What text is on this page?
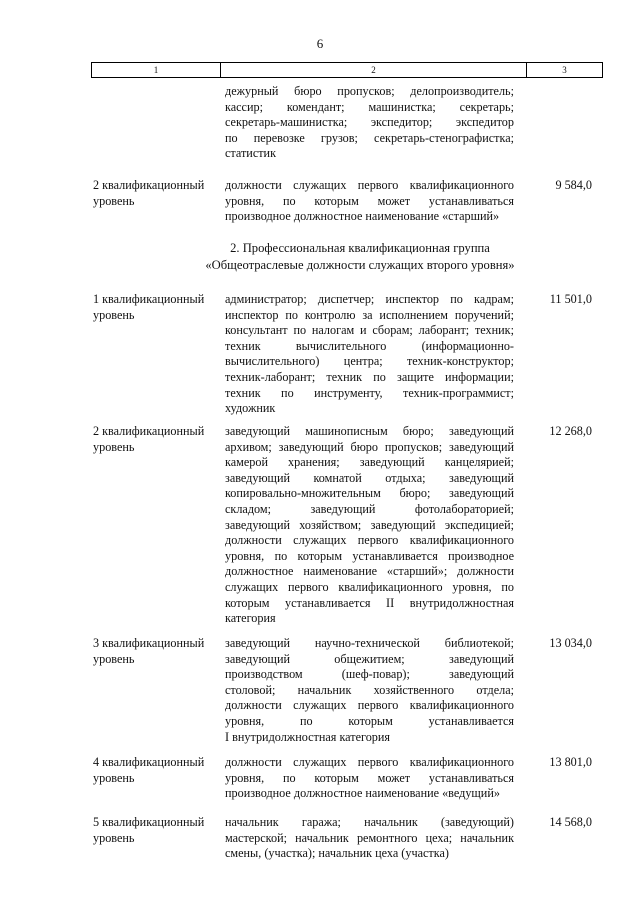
6
1	2	3
дежурный бюро пропусков; делопроизводитель;
кассир; комендант; машинистка; секретарь;
секретарь-машинистка; экспедитор; экспедитор
по перевозке грузов; секретарь-стенографистка;
статистик
2 квалификационный уровень
должности служащих первого квалификационного
уровня, по которым может устанавливаться
производное должностное наименование «старший»
9 584,0
2. Профессиональная квалификационная группа
«Общеотраслевые должности служащих второго уровня»
1 квалификационный уровень
администратор; диспетчер; инспектор по кадрам;
инспектор по контролю за исполнением поручений;
консультант по налогам и сборам; лаборант; техник;
техник вычислительного (информационно-
вычислительного) центра; техник-конструктор;
техник-лаборант; техник по защите информации;
техник по инструменту, техник-программист;
художник
11 501,0
2 квалификационный уровень
заведующий машинописным бюро; заведующий
архивом; заведующий бюро пропусков; заведующий
камерой хранения; заведующий канцелярией;
заведующий комнатой отдыха; заведующий
копировально-множительным бюро; заведующий
складом; заведующий фотолабораторией;
заведующий хозяйством; заведующий экспедицией;
должности служащих первого квалификационного
уровня, по которым устанавливается производное
должностное наименование «старший»; должности
служащих первого квалификационного уровня, по
которым устанавливается II внутридолжностная
категория
12 268,0
3 квалификационный уровень
заведующий научно-технической библиотекой;
заведующий общежитием; заведующий
производством (шеф-повар); заведующий
столовой; начальник хозяйственного отдела;
должности служащих первого квалификационного
уровня, по которым устанавливается
I внутридолжностная категория
13 034,0
4 квалификационный уровень
должности служащих первого квалификационного
уровня, по которым может устанавливаться
производное должностное наименование «ведущий»
13 801,0
5 квалификационный уровень
начальник гаража; начальник (заведующий)
мастерской; начальник ремонтного цеха; начальник
смены, (участка); начальник цеха (участка)
14 568,0
